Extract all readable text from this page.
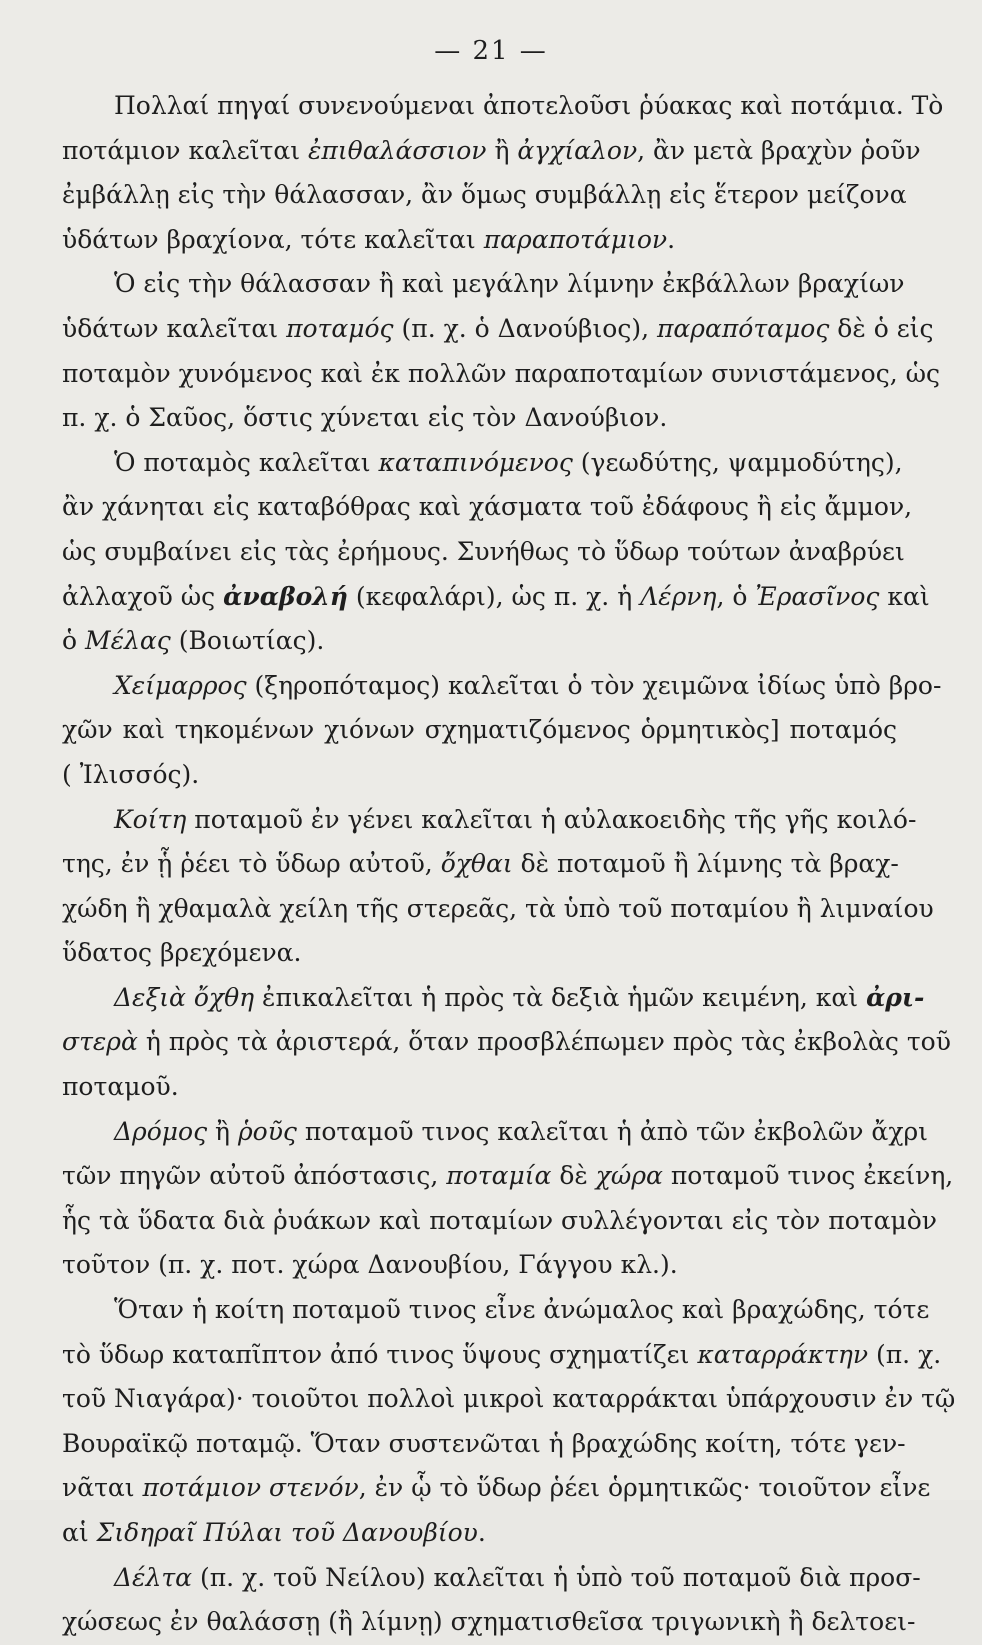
— 21 —
Πολλαί πηγαί συνενούμεναι ἀποτελοῦσι ῥύακας καὶ ποτάμια. Τὸ
ποτάμιον καλεῖται ἐπιθαλάσσιον ἢ ἀγχίαλον, ἂν μετὰ βραχὺν ῥοῦν
ἐμβάλλῃ εἰς τὴν θάλασσαν, ἂν ὅμως συμβάλλῃ εἰς ἕτερον μείζονα
ὑδάτων βραχίονα, τότε καλεῖται παραποτάμιον.
Ὁ εἰς τὴν θάλασσαν ἢ καὶ μεγάλην λίμνην ἐκβάλλων βραχίων
ὑδάτων καλεῖται ποταμός (π. χ. ὁ Δανούβιος), παραπόταμος δὲ ὁ εἰς
ποταμὸν χυνόμενος καὶ ἐκ πολλῶν παραποταμίων συνιστάμενος, ὡς
π. χ. ὁ Σαῦος, ὅστις χύνεται εἰς τὸν Δανούβιον.
Ὁ ποταμὸς καλεῖται καταπινόμενος (γεωδύτης, ψαμμοδύτης),
ἂν χάνηται εἰς καταβόθρας καὶ χάσματα τοῦ ἐδάφους ἢ εἰς ἄμμον,
ὡς συμβαίνει εἰς τὰς ἐρήμους. Συνήθως τὸ ὕδωρ τούτων ἀναβρύει
ἀλλαχοῦ ὡς ἀναβολή (κεφαλάρι), ὡς π. χ. ἡ Λέρνη, ὁ Ἐρασῖνος καὶ
ὁ Μέλας (Βοιωτίας).
Χείμαρρος (ξηροπόταμος) καλεῖται ὁ τὸν χειμῶνα ἰδίως ὑπὸ βρο-
χῶν καὶ τηκομένων χιόνων σχηματιζόμενος ὁρμητικὸς] ποταμός
( Ἰλισσός).
Κοίτη ποταμοῦ ἐν γένει καλεῖται ἡ αὐλακοειδὴς τῆς γῆς κοιλό-
της, ἐν ᾗ ῥέει τὸ ὕδωρ αὐτοῦ, ὄχθαι δὲ ποταμοῦ ἢ λίμνης τὰ βραχ-
χώδη ἢ χθαμαλὰ χείλη τῆς στερεᾶς, τὰ ὑπὸ τοῦ ποταμίου ἢ λιμναίου
ὕδατος βρεχόμενα.
Δεξιὰ ὄχθη ἐπικαλεῖται ἡ πρὸς τὰ δεξιὰ ἡμῶν κειμένη, καὶ ἀρι-
στερὰ ἡ πρὸς τὰ ἀριστερά, ὅταν προσβλέπωμεν πρὸς τὰς ἐκβολὰς τοῦ
ποταμοῦ.
Δρόμος ἢ ῥοῦς ποταμοῦ τινος καλεῖται ἡ ἀπὸ τῶν ἐκβολῶν ἄχρι
τῶν πηγῶν αὐτοῦ ἀπόστασις, ποταμία δὲ χώρα ποταμοῦ τινος ἐκείνη,
ἧς τὰ ὕδατα διὰ ῥυάκων καὶ ποταμίων συλλέγονται εἰς τὸν ποταμὸν
τοῦτον (π. χ. ποτ. χώρα Δανουβίου, Γάγγου κλ.).
Ὅταν ἡ κοίτη ποταμοῦ τινος εἶνε ἀνώμαλος καὶ βραχώδης, τότε
τὸ ὕδωρ καταπῖπτον ἀπό τινος ὕψους σχηματίζει καταρράκτην (π. χ.
τοῦ Νιαγάρα)· τοιοῦτοι πολλοὶ μικροὶ καταρράκται ὑπάρχουσιν ἐν τῷ
Βουραϊκῷ ποταμῷ. Ὅταν συστενῶται ἡ βραχώδης κοίτη, τότε γεν-
νᾶται ποτάμιον στενόν, ἐν ᾧ τὸ ὕδωρ ῥέει ὁρμητικῶς· τοιοῦτον εἶνε
αἱ Σιδηραῖ Πύλαι τοῦ Δανουβίου.
Δέλτα (π. χ. τοῦ Νείλου) καλεῖται ἡ ὑπὸ τοῦ ποταμοῦ διὰ προσ-
χώσεως ἐν θαλάσσῃ (ἢ λίμνῃ) σχηματισθεῖσα τριγωνικὴ ἢ δελτοει-
